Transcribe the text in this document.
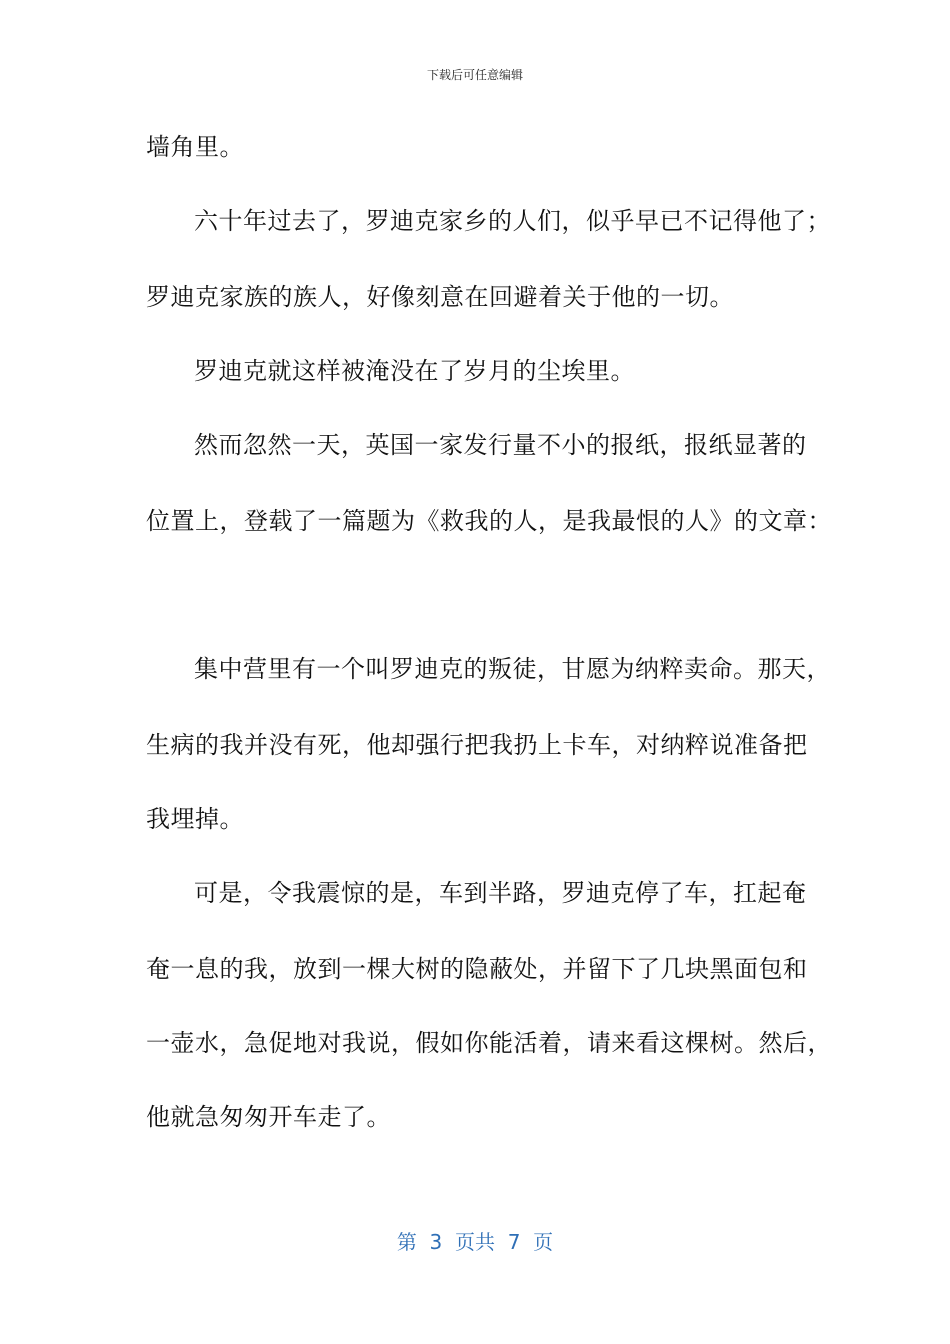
下载后可任意编辑
墙角里。
六十年过去了，罗迪克家乡的人们，似乎早已不记得他了；
罗迪克家族的族人，好像刻意在回避着关于他的一切。
罗迪克就这样被淹没在了岁月的尘埃里。
然而忽然一天，英国一家发行量不小的报纸，报纸显著的
位置上，登载了一篇题为《救我的人，是我最恨的人》的文章：
集中营里有一个叫罗迪克的叛徒，甘愿为纳粹卖命。那天，
生病的我并没有死，他却强行把我扔上卡车，对纳粹说准备把
我埋掉。
可是，令我震惊的是，车到半路，罗迪克停了车，扛起奄
奄一息的我，放到一棵大树的隐蔽处，并留下了几块黑面包和
一壶水，急促地对我说，假如你能活着，请来看这棵树。然后，
他就急匆匆开车走了。
第 3 页共 7 页
